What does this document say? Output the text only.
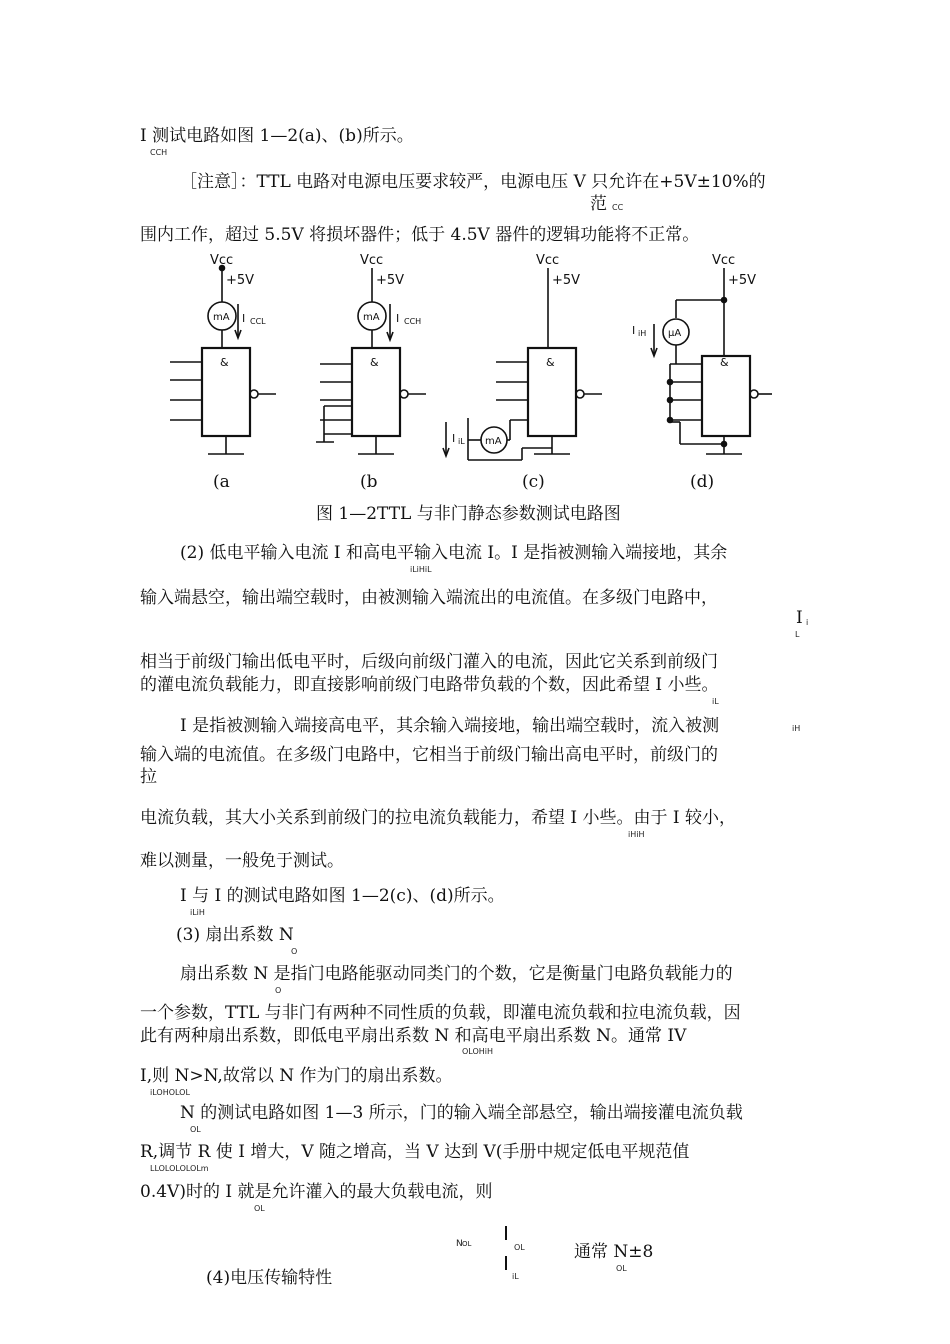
I 测试电路如图 1—2(a)、(b)所示。
CCH
［注意］：TTL 电路对电源电压要求较严，电源电压 V 只允许在+5V±10%的
范 CC
围内工作，超过 5.5V 将损坏器件；低于 4.5V 器件的逻辑功能将不正常。
Vcc
+5V
mA I CCL
&
Vcc
+5V
mA I CCH
&
Vcc
+5V
&
mA
I iL
Vcc
+5V
μA
I iH
&
(a	(b	(c)	(d)
图 1—2TTL 与非门静态参数测试电路图
(2) 低电平输入电流 I 和高电平输入电流 I。I 是指被测输入端接地，其余
iLiHiL
输入端悬空，输出端空载时，由被测输入端流出的电流值。在多级门电路中，
I i
L
相当于前级门输出低电平时，后级向前级门灌入的电流，因此它关系到前级门
的灌电流负载能力，即直接影响前级门电路带负载的个数，因此希望 I 小些。
iL
I 是指被测输入端接高电平，其余输入端接地，输出端空载时，流入被测	iH
输入端的电流值。在多级门电路中，它相当于前级门输出高电平时，前级门的
拉
电流负载，其大小关系到前级门的拉电流负载能力，希望 I 小些。由于 I 较小，
iHiH
难以测量，一般免于测试。
I 与 I 的测试电路如图 1—2(c)、(d)所示。
iLiH
(3) 扇出系数 N
O
扇出系数 N 是指门电路能驱动同类门的个数，它是衡量门电路负载能力的
O
一个参数，TTL 与非门有两种不同性质的负载，即灌电流负载和拉电流负载，因
此有两种扇出系数，即低电平扇出系数 N 和高电平扇出系数 N。通常 IV
OLOHiH
I,则 N>N,故常以 N 作为门的扇出系数。
iLOHOLOL
N 的测试电路如图 1—3 所示，门的输入端全部悬空，输出端接灌电流负载
OL
R,调节 R 使 I 增大，V 随之增高，当 V 达到 V(手册中规定低电平规范值
LLOLOLOLOLm
0.4V)时的 I 就是允许灌入的最大负载电流，则
OL
N OL	OL
iL
通常 N±8
OL
(4)电压传输特性
